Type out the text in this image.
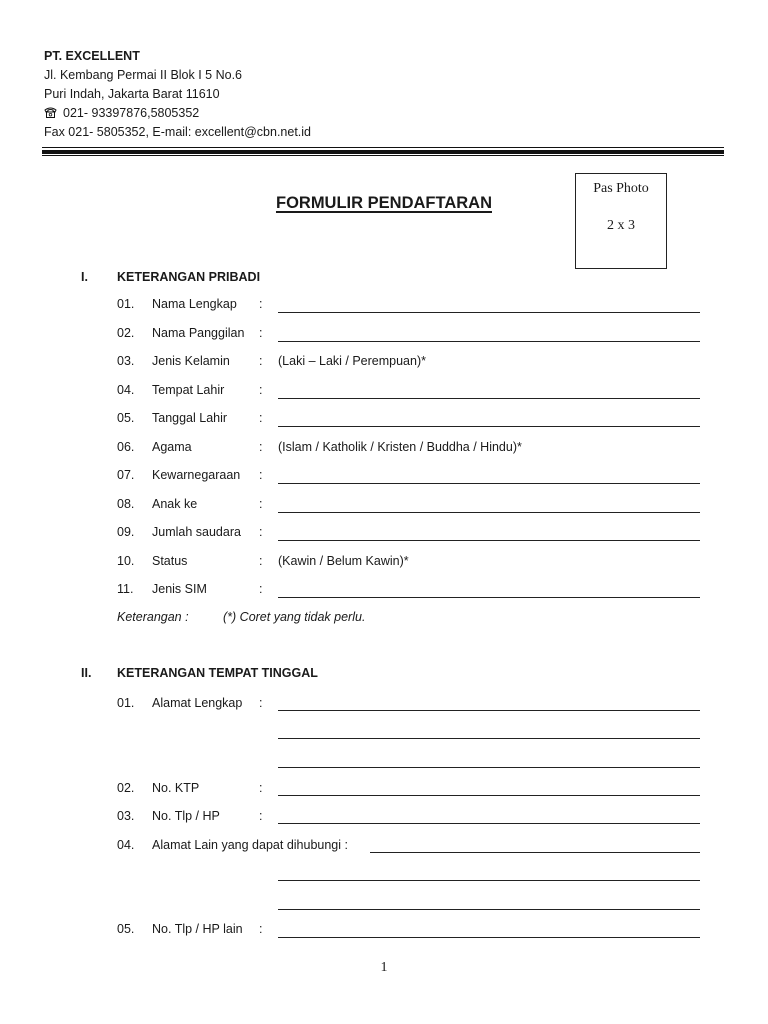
PT. EXCELLENT
Jl. Kembang Permai II Blok I 5 No.6
Puri Indah, Jakarta Barat 11610
021- 93397876,5805352
Fax 021- 5805352, E-mail: excellent@cbn.net.id
FORMULIR PENDAFTARAN
Pas Photo
2 x 3
I. KETERANGAN PRIBADI
01. Nama Lengkap :
02. Nama Panggilan :
03. Jenis Kelamin : (Laki – Laki / Perempuan)*
04. Tempat Lahir	:
05. Tanggal Lahir	:
06. Agama	: (Islam / Katholik / Kristen / Buddha / Hindu)*
07. Kewarnegaraan :
08. Anak ke	:
09. Jumlah saudara :
10. Status	: (Kawin / Belum Kawin)*
11. Jenis SIM	:
Keterangan :	(*) Coret yang tidak perlu.
II. KETERANGAN TEMPAT TINGGAL
01. Alamat Lengkap :
02. No. KTP	:
03. No. Tlp / HP	:
04. Alamat Lain yang dapat dihubungi :
05. No. Tlp / HP lain :
1
